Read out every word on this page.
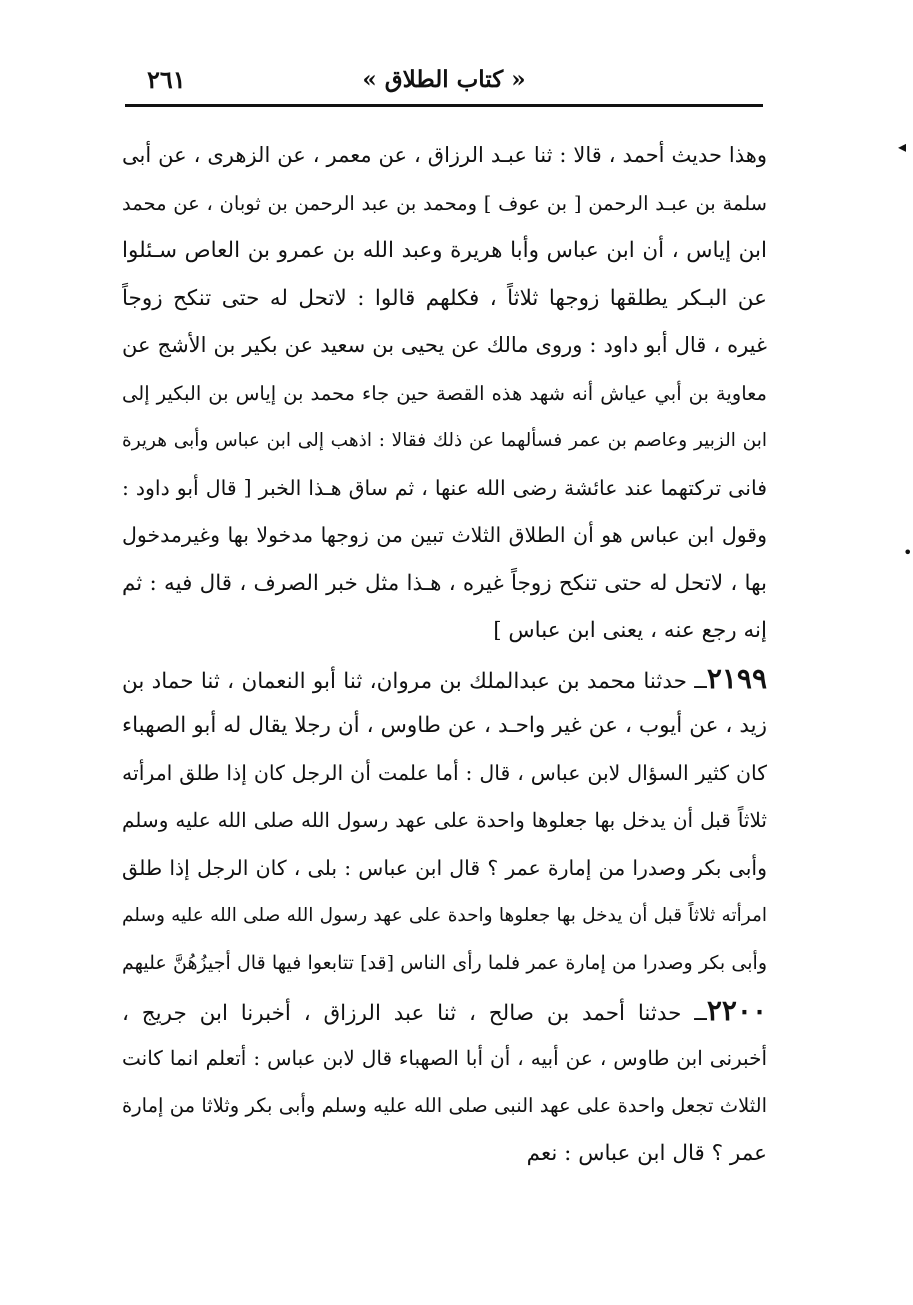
« كتاب الطلاق »
٢٦١
◂
•
وهذا حديث أحمد ، قالا : ثنا عبـد الرزاق ، عن معمر ، عن الزهرى ، عن أبى
سلمة بن عبـد الرحمن [ بن عوف ] ومحمد بن عبد الرحمن بن ثوبان ، عن محمد
ابن إياس ، أن ابن عباس وأبا هريرة وعبد الله بن عمرو بن العاص سـئلوا
عن البـكر يطلقها زوجها ثلاثاً ، فكلهم قالوا : لاتحل له حتى تنكح زوجاً
غيره ، قال أبو داود : وروى مالك عن يحيى بن سعيد عن بكير بن الأشج عن
معاوية بن أبي عياش أنه شهد هذه القصة حين جاء محمد بن إياس بن البكير إلى
ابن الزبير وعاصم بن عمر فسألهما عن ذلك فقالا : اذهب إلى ابن عباس وأبى هريرة
فانى تركتهما عند عائشة رضى الله عنها ، ثم ساق هـذا الخبر [ قال أبو داود :
وقول ابن عباس هو أن الطلاق الثلاث تبين من زوجها مدخولا بها وغيرمدخول
بها ، لاتحل له حتى تنكح زوجاً غيره ، هـذا مثل خبر الصرف ، قال فيه : ثم
إنه رجع عنه ، يعنى ابن عباس ]
٢١٩٩ــ حدثنا محمد بن عبدالملك بن مروان، ثنا أبو النعمان ، ثنا حماد بن
زيد ، عن أيوب ، عن غير واحـد ، عن طاوس ، أن رجلا يقال له أبو الصهباء
كان كثير السؤال لابن عباس ، قال : أما علمت أن الرجل كان إذا طلق امرأته
ثلاثاً قبل أن يدخل بها جعلوها واحدة على عهد رسول الله صلى الله عليه وسلم
وأبى بكر وصدرا من إمارة عمر ؟ قال ابن عباس : بلى ، كان الرجل إذا طلق
امرأته ثلاثاً قبل أن يدخل بها جعلوها واحدة على عهد رسول الله صلى الله عليه وسلم
وأبى بكر وصدرا من إمارة عمر فلما رأى الناس [قد] تتابعوا فيها قال أجيزُهُنَّ عليهم
٢٢٠٠ــ حدثنا أحمد بن صالح ، ثنا عبد الرزاق ، أخبرنا ابن جريج ،
أخبرنى ابن طاوس ، عن أبيه ، أن أبا الصهباء قال لابن عباس : أتعلم انما كانت
الثلاث تجعل واحدة على عهد النبى صلى الله عليه وسلم وأبى بكر وثلاثا من إمارة
عمر ؟ قال ابن عباس : نعم
